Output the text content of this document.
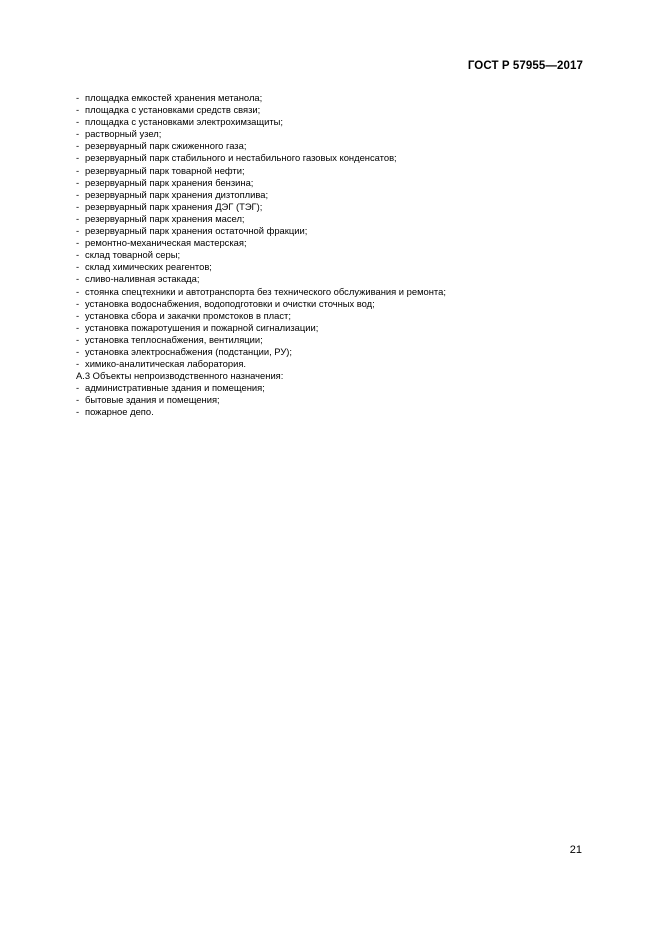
ГОСТ Р 57955—2017
- площадка емкостей хранения метанола;
- площадка с установками средств связи;
- площадка с установками электрохимзащиты;
- растворный узел;
- резервуарный парк сжиженного газа;
- резервуарный парк стабильного и нестабильного газовых конденсатов;
- резервуарный парк товарной нефти;
- резервуарный парк хранения бензина;
- резервуарный парк хранения дизтоплива;
- резервуарный парк хранения ДЭГ (ТЭГ);
- резервуарный парк хранения масел;
- резервуарный парк хранения остаточной фракции;
- ремонтно-механическая мастерская;
- склад товарной серы;
- склад химических реагентов;
- сливо-наливная эстакада;
- стоянка спецтехники и автотранспорта без технического обслуживания и ремонта;
- установка водоснабжения, водоподготовки и очистки сточных вод;
- установка сбора и закачки промстоков в пласт;
- установка пожаротушения и пожарной сигнализации;
- установка теплоснабжения, вентиляции;
- установка электроснабжения (подстанции, РУ);
- химико-аналитическая лаборатория.
А.3 Объекты непроизводственного назначения:
- административные здания и помещения;
- бытовые здания и помещения;
- пожарное депо.
21
